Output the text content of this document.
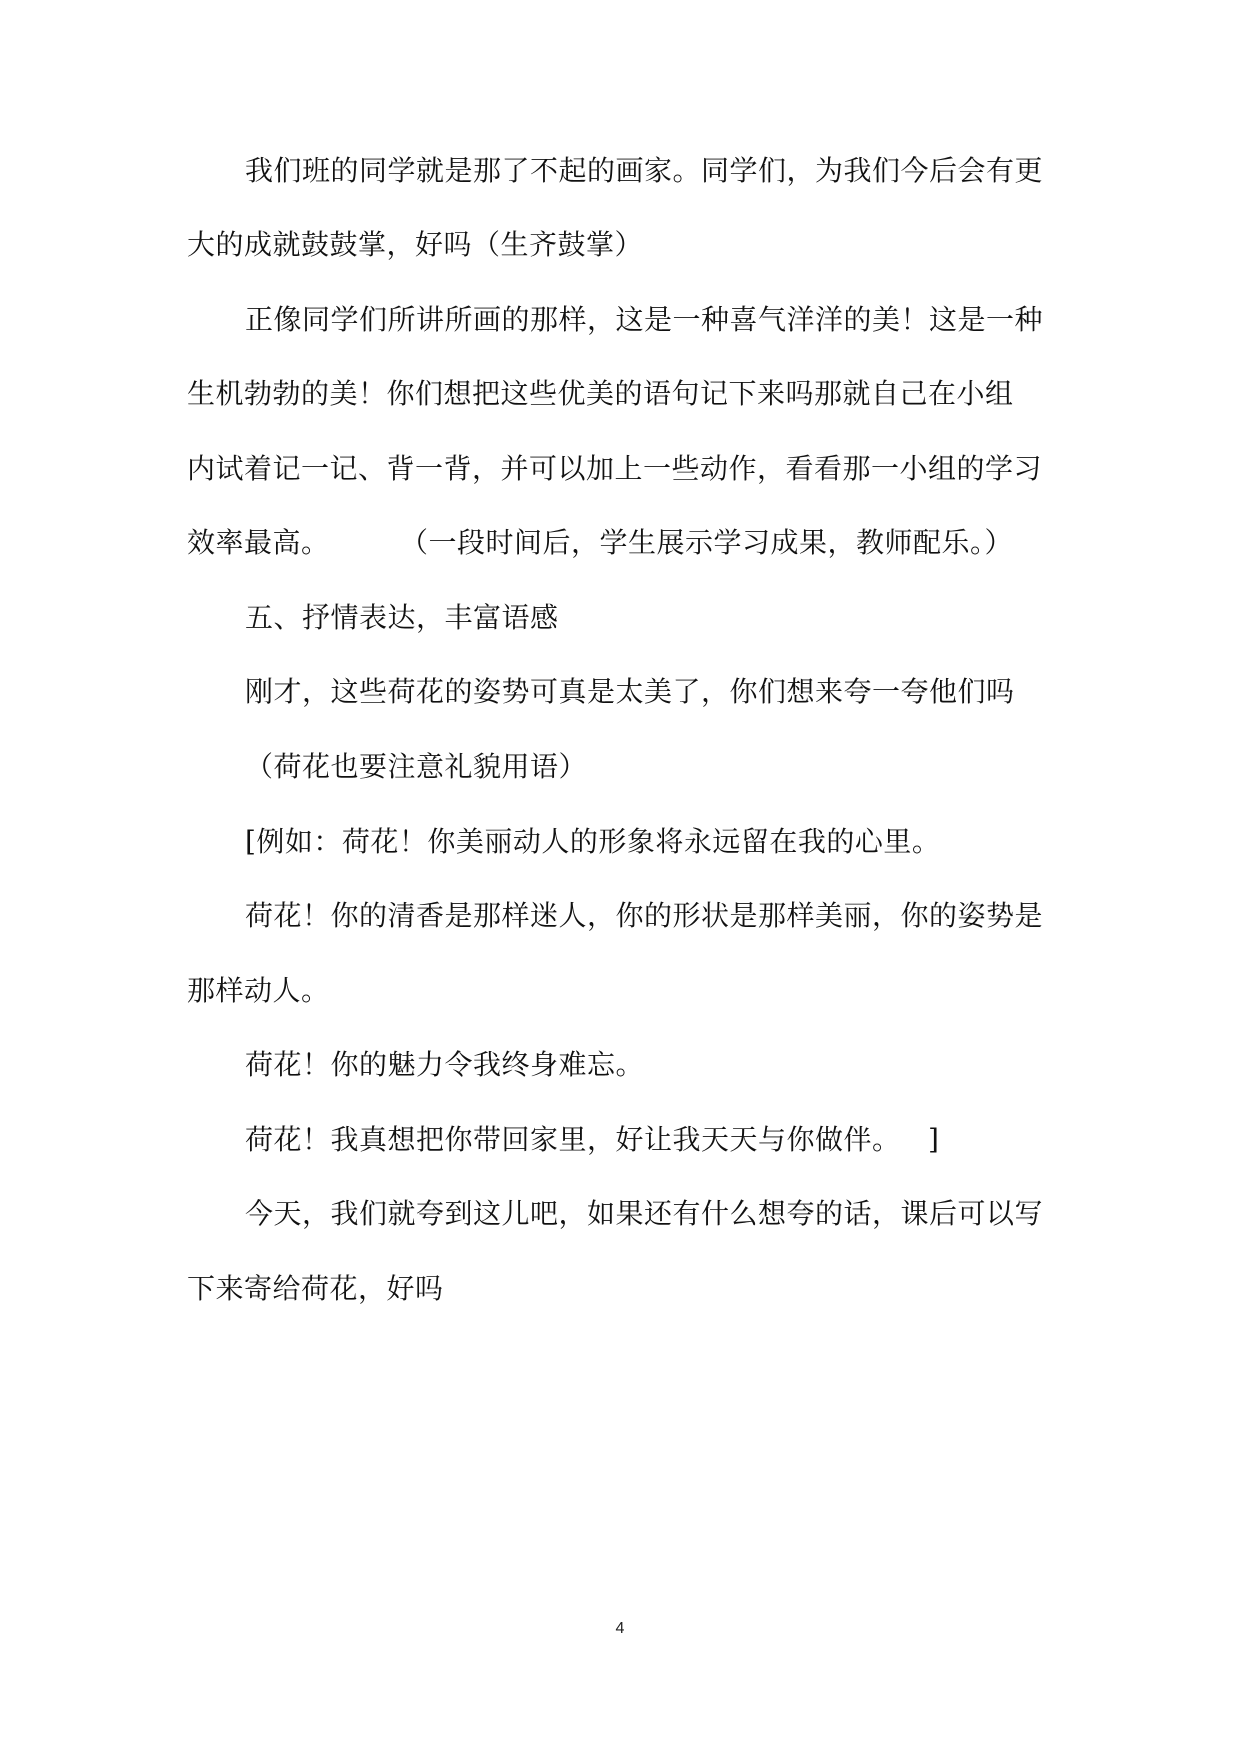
我们班的同学就是那了不起的画家。同学们，为我们今后会有更
大的成就鼓鼓掌，好吗（生齐鼓掌）
正像同学们所讲所画的那样，这是一种喜气洋洋的美！这是一种
生机勃勃的美！你们想把这些优美的语句记下来吗那就自己在小组
内试着记一记、背一背，并可以加上一些动作，看看那一小组的学习
效率最高。	（一段时间后，学生展示学习成果，教师配乐。）
五、抒情表达，丰富语感
刚才，这些荷花的姿势可真是太美了，你们想来夸一夸他们吗
（荷花也要注意礼貌用语）
[例如：荷花！你美丽动人的形象将永远留在我的心里。
荷花！你的清香是那样迷人，你的形状是那样美丽，你的姿势是
那样动人。
荷花！你的魅力令我终身难忘。
荷花！我真想把你带回家里，好让我天天与你做伴。 ]
今天，我们就夸到这儿吧，如果还有什么想夸的话，课后可以写
下来寄给荷花，好吗
4
